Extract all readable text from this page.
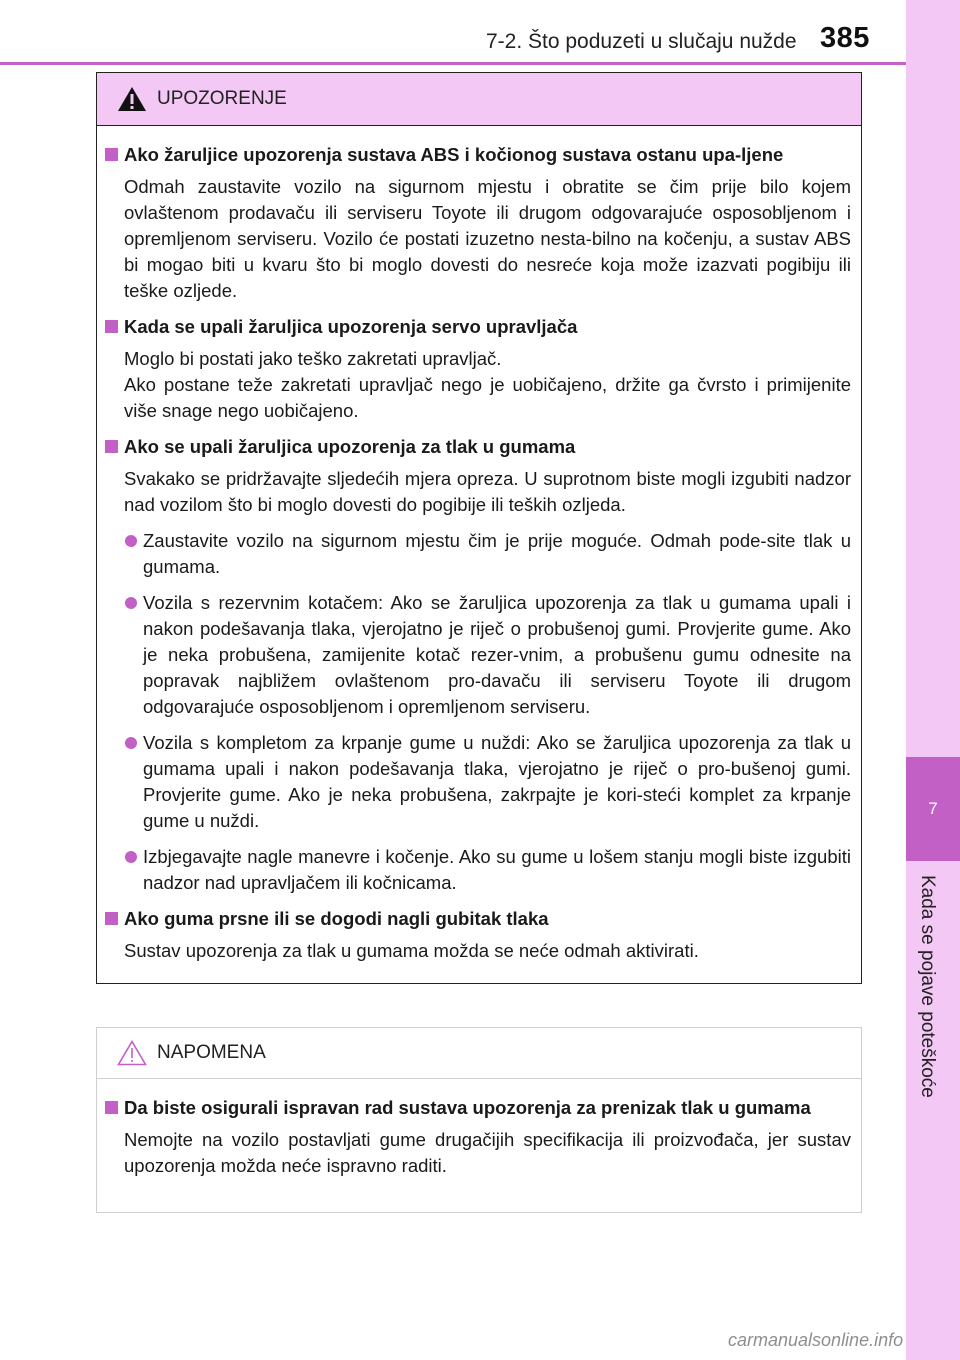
7-2. Što poduzeti u slučaju nužde 385
7
Kada se pojave poteškoće
UPOZORENJE
Ako žaruljice upozorenja sustava ABS i kočionog sustava ostanu upa-ljene
Odmah zaustavite vozilo na sigurnom mjestu i obratite se čim prije bilo kojem ovlaštenom prodavaču ili serviseru Toyote ili drugom odgovarajuće osposobljenom i opremljenom serviseru. Vozilo će postati izuzetno nesta-bilno na kočenju, a sustav ABS bi mogao biti u kvaru što bi moglo dovesti do nesreće koja može izazvati pogibiju ili teške ozljede.
Kada se upali žaruljica upozorenja servo upravljača
Moglo bi postati jako teško zakretati upravljač.
Ako postane teže zakretati upravljač nego je uobičajeno, držite ga čvrsto i primijenite više snage nego uobičajeno.
Ako se upali žaruljica upozorenja za tlak u gumama
Svakako se pridržavajte sljedećih mjera opreza. U suprotnom biste mogli izgubiti nadzor nad vozilom što bi moglo dovesti do pogibije ili teških ozljeda.
Zaustavite vozilo na sigurnom mjestu čim je prije moguće. Odmah pode-site tlak u gumama.
Vozila s rezervnim kotačem: Ako se žaruljica upozorenja za tlak u gumama upali i nakon podešavanja tlaka, vjerojatno je riječ o probušenoj gumi. Provjerite gume. Ako je neka probušena, zamijenite kotač rezer-vnim, a probušenu gumu odnesite na popravak najbližem ovlaštenom pro-davaču ili serviseru Toyote ili drugom odgovarajuće osposobljenom i opremljenom serviseru.
Vozila s kompletom za krpanje gume u nuždi: Ako se žaruljica upozorenja za tlak u gumama upali i nakon podešavanja tlaka, vjerojatno je riječ o pro-bušenoj gumi. Provjerite gume. Ako je neka probušena, zakrpajte je kori-steći komplet za krpanje gume u nuždi.
Izbjegavajte nagle manevre i kočenje. Ako su gume u lošem stanju mogli biste izgubiti nadzor nad upravljačem ili kočnicama.
Ako guma prsne ili se dogodi nagli gubitak tlaka
Sustav upozorenja za tlak u gumama možda se neće odmah aktivirati.
NAPOMENA
Da biste osigurali ispravan rad sustava upozorenja za prenizak tlak u gumama
Nemojte na vozilo postavljati gume drugačijih specifikacija ili proizvođača, jer sustav upozorenja možda neće ispravno raditi.
carmanualsonline.info
